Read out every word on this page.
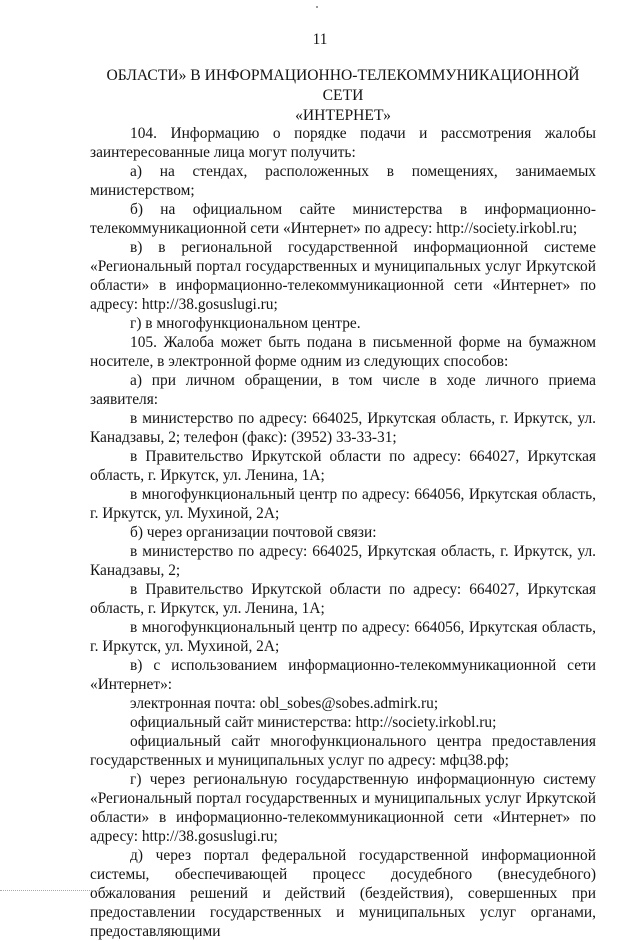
11
ОБЛАСТИ» В ИНФОРМАЦИОННО-ТЕЛЕКОММУНИКАЦИОННОЙ СЕТИ
«ИНТЕРНЕТ»

104. Информацию о порядке подачи и рассмотрения жалобы заинтересованные лица могут получить:

а) на стендах, расположенных в помещениях, занимаемых министерством;

б) на официальном сайте министерства в информационно-телекоммуникационной сети «Интернет» по адресу: http://society.irkobl.ru;

в) в региональной государственной информационной системе «Региональный портал государственных и муниципальных услуг Иркутской области» в информационно-телекоммуникационной сети «Интернет» по адресу: http://38.gosuslugi.ru;

г) в многофункциональном центре.

105. Жалоба может быть подана в письменной форме на бумажном носителе, в электронной форме одним из следующих способов:

а) при личном обращении, в том числе в ходе личного приема заявителя:

в министерство по адресу: 664025, Иркутская область, г. Иркутск, ул. Канадзавы, 2; телефон (факс): (3952) 33-33-31;

в Правительство Иркутской области по адресу: 664027, Иркутская область, г. Иркутск, ул. Ленина, 1А;

в многофункциональный центр по адресу: 664056, Иркутская область, г. Иркутск, ул. Мухиной, 2А;

б) через организации почтовой связи:

в министерство по адресу: 664025, Иркутская область, г. Иркутск, ул. Канадзавы, 2;

в Правительство Иркутской области по адресу: 664027, Иркутская область, г. Иркутск, ул. Ленина, 1А;

в многофункциональный центр по адресу: 664056, Иркутская область, г. Иркутск, ул. Мухиной, 2А;

в) с использованием информационно-телекоммуникационной сети «Интернет»:

электронная почта: obl_sobes@sobes.admirk.ru;

официальный сайт министерства: http://society.irkobl.ru;

официальный сайт многофункционального центра предоставления государственных и муниципальных услуг по адресу: мфц38.рф;

г) через региональную государственную информационную систему «Региональный портал государственных и муниципальных услуг Иркутской области» в информационно-телекоммуникационной сети «Интернет» по адресу: http://38.gosuslugi.ru;

д) через портал федеральной государственной информационной системы, обеспечивающей процесс досудебного (внесудебного) обжалования решений и действий (бездействия), совершенных при предоставлении государственных и муниципальных услуг органами, предоставляющими
